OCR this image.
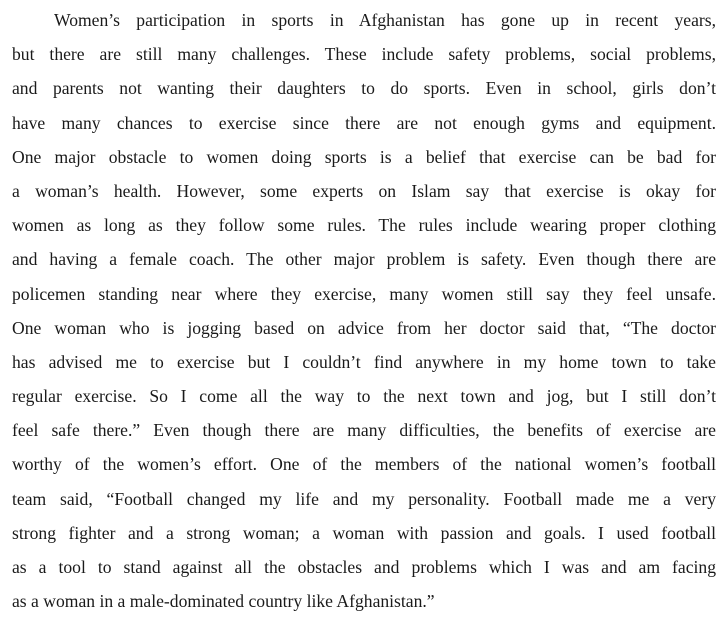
Women’s participation in sports in Afghanistan has gone up in recent years,
but there are still many challenges. These include safety problems, social problems,
and parents not wanting their daughters to do sports. Even in school, girls don’t
have many chances to exercise since there are not enough gyms and equipment.
One major obstacle to women doing sports is a belief that exercise can be bad for
a woman’s health. However, some experts on Islam say that exercise is okay for
women as long as they follow some rules. The rules include wearing proper clothing
and having a female coach. The other major problem is safety. Even though there are
policemen standing near where they exercise, many women still say they feel unsafe.
One woman who is jogging based on advice from her doctor said that, “The doctor
has advised me to exercise but I couldn’t find anywhere in my home town to take
regular exercise. So I come all the way to the next town and jog, but I still don’t
feel safe there.” Even though there are many difficulties, the benefits of exercise are
worthy of the women’s effort. One of the members of the national women’s football
team said, “Football changed my life and my personality. Football made me a very
strong fighter and a strong woman; a woman with passion and goals. I used football
as a tool to stand against all the obstacles and problems which I was and am facing
as a woman in a male-dominated country like Afghanistan.”
